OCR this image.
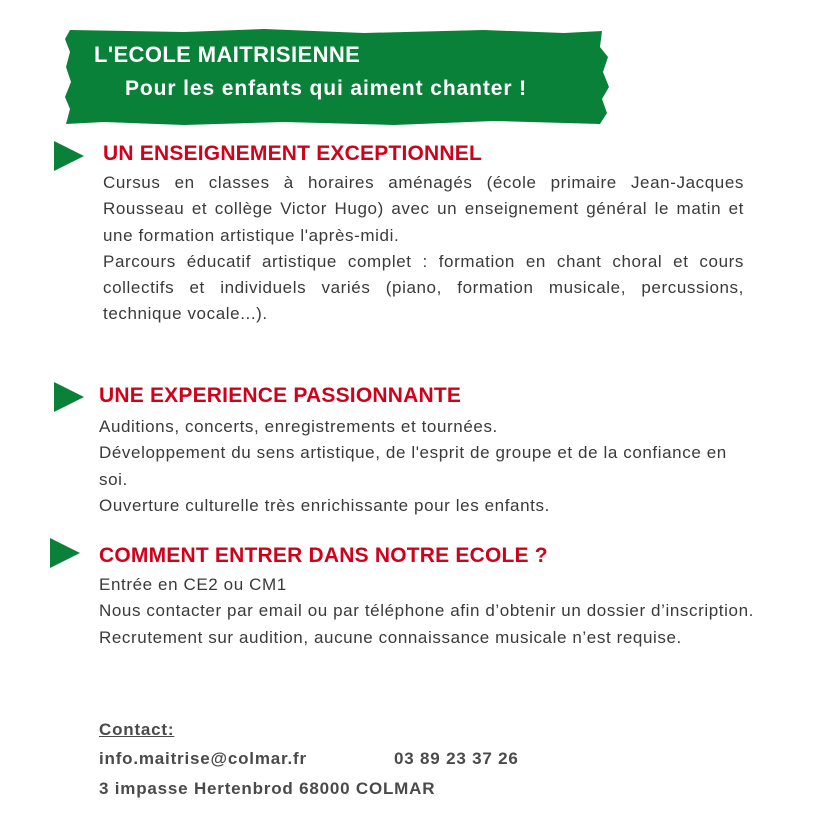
L'ECOLE MAITRISIENNE
Pour les enfants qui aiment chanter !
UN ENSEIGNEMENT EXCEPTIONNEL

Cursus en classes à horaires aménagés (école primaire Jean-Jacques Rousseau et collège Victor Hugo) avec un enseignement général le matin et une formation artistique l'après-midi.

Parcours éducatif artistique complet : formation en chant choral et cours collectifs et individuels variés (piano, formation musicale, percussions, technique vocale...).

UNE EXPERIENCE PASSIONNANTE

Auditions, concerts, enregistrements et tournées.

Développement du sens artistique, de l'esprit de groupe et de la confiance en soi.

Ouverture culturelle très enrichissante pour les enfants.

COMMENT ENTRER DANS NOTRE ECOLE ?

Entrée en CE2 ou CM1

Nous contacter par email ou par téléphone afin d’obtenir un dossier d’inscription.

Recrutement sur audition, aucune connaissance musicale n’est requise.

Contact:
info.maitrise@colmar.fr	03 89 23 37 26
3 impasse Hertenbrod 68000 COLMAR
